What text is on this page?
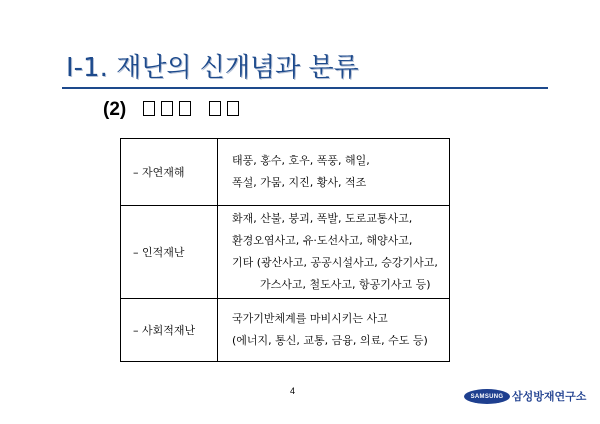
Ⅰ-1. 재난의 신개념과 분류
(2)
– 자연재해	태풍, 홍수, 호우, 폭풍, 해일,
폭설, 가뭄, 지진, 황사, 적조

– 인적재난	화재, 산불, 붕괴, 폭발, 도로교통사고,
환경오염사고, 유·도선사고, 해양사고,
기타 (광산사고, 공공시설사고, 승강기사고,
가스사고, 철도사고, 항공기사고 등)

– 사회적재난	국가기반체계를 마비시키는 사고
(에너지, 통신, 교통, 금융, 의료, 수도 등)
4
SAMSUNG 삼성방재연구소
